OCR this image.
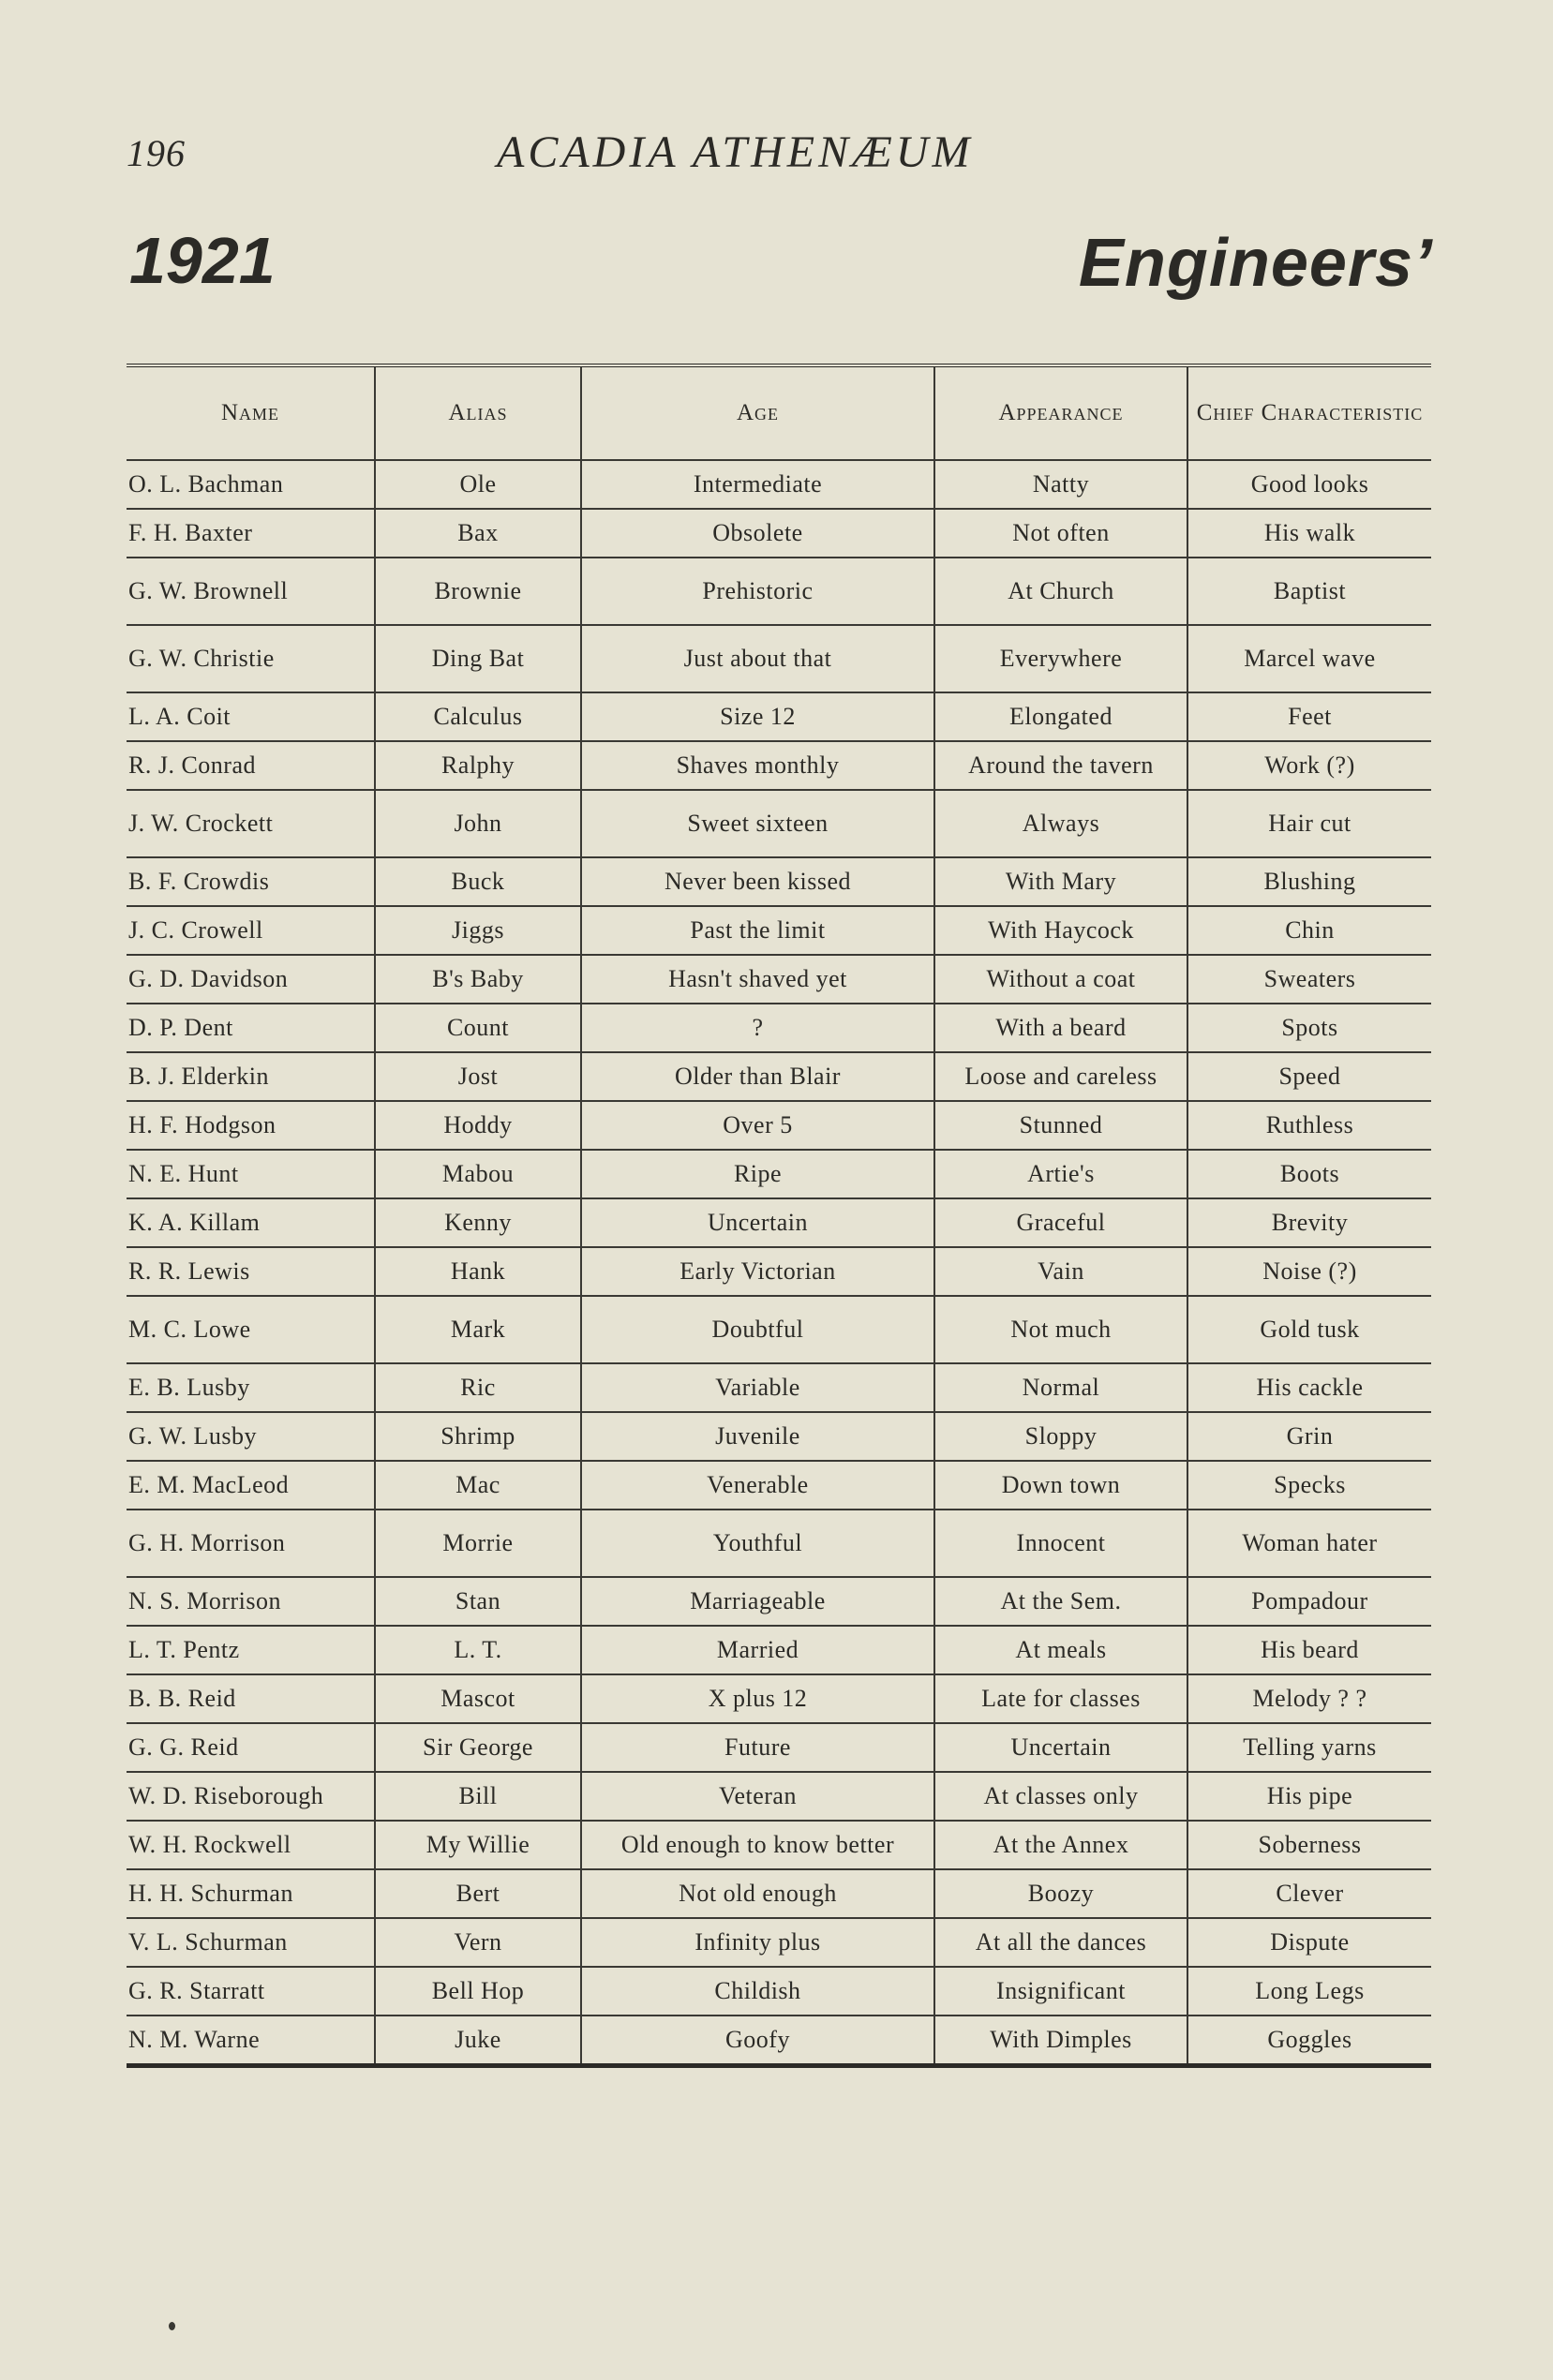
196	ACADIA ATHENÆUM
1921	Engineers’
Name	Alias	Age	Appearance	Chief Characteristic
O. L. Bachman	Ole	Intermediate	Natty	Good looks
F. H. Baxter	Bax	Obsolete	Not often	His walk
G. W. Brownell	Brownie	Prehistoric	At Church	Baptist
G. W. Christie	Ding Bat	Just about that	Everywhere	Marcel wave
L. A. Coit	Calculus	Size 12	Elongated	Feet
R. J. Conrad	Ralphy	Shaves monthly	Around the tavern	Work (?)
J. W. Crockett	John	Sweet sixteen	Always	Hair cut
B. F. Crowdis	Buck	Never been kissed	With Mary	Blushing
J. C. Crowell	Jiggs	Past the limit	With Haycock	Chin
G. D. Davidson	B's Baby	Hasn't shaved yet	Without a coat	Sweaters
D. P. Dent	Count	?	With a beard	Spots
B. J. Elderkin	Jost	Older than Blair	Loose and careless	Speed
H. F. Hodgson	Hoddy	Over 5	Stunned	Ruthless
N. E. Hunt	Mabou	Ripe	Artie's	Boots
K. A. Killam	Kenny	Uncertain	Graceful	Brevity
R. R. Lewis	Hank	Early Victorian	Vain	Noise (?)
M. C. Lowe	Mark	Doubtful	Not much	Gold tusk
E. B. Lusby	Ric	Variable	Normal	His cackle
G. W. Lusby	Shrimp	Juvenile	Sloppy	Grin
E. M. MacLeod	Mac	Venerable	Down town	Specks
G. H. Morrison	Morrie	Youthful	Innocent	Woman hater
N. S. Morrison	Stan	Marriageable	At the Sem.	Pompadour
L. T. Pentz	L. T.	Married	At meals	His beard
B. B. Reid	Mascot	X plus 12	Late for classes	Melody ? ?
G. G. Reid	Sir George	Future	Uncertain	Telling yarns
W. D. Riseborough	Bill	Veteran	At classes only	His pipe
W. H. Rockwell	My Willie	Old enough to know better	At the Annex	Soberness
H. H. Schurman	Bert	Not old enough	Boozy	Clever
V. L. Schurman	Vern	Infinity plus	At all the dances	Dispute
G. R. Starratt	Bell Hop	Childish	Insignificant	Long Legs
N. M. Warne	Juke	Goofy	With Dimples	Goggles
